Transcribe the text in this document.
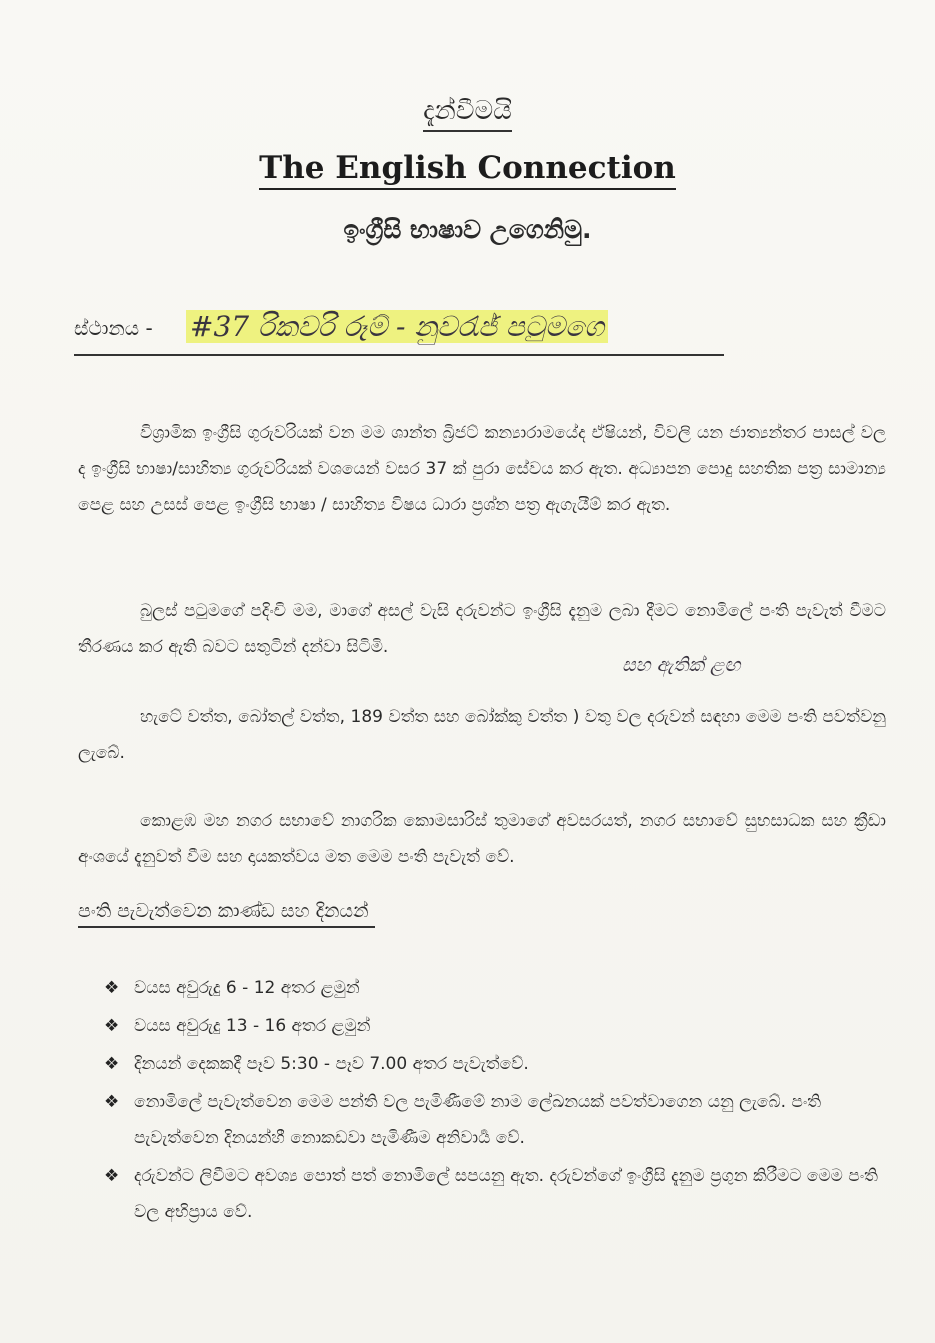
දැන්වීමයි
The English Connection
ඉංග්‍රීසි භාෂාව උගෙනිමු.
ස්ථානය - #37 රිකවරි රූම් - නුවරැජ් පටුමගෙ

විශ්‍රාමික ඉංග්‍රීසි ගුරුවරියක් වන මම ශාන්ත බ්‍රිජට් කන්‍යාරාමයේද ඒෂියන්, විවලි යන ජාත්‍යන්තර පාසල් වල ද ඉංග්‍රීසි භාෂා/සාහිත්‍ය ගුරුවරියක් වශයෙන් වසර 37 ක් පුරා සේවය කර ඇත. අධ්‍යාපන පොදු සහතික පත්‍ර සාමාන්‍ය පෙළ සහ උසස් පෙළ ඉංග්‍රීසි භාෂා / සාහිත්‍ය විෂය ධාරා ප්‍රශ්න පත්‍ර ඇගැයීම් කර ඇත.

බුලස් පටුමගේ පදිංචි මම, මාගේ අසල් වැසි දරුවන්ට ඉංග්‍රීසි දැනුම ලබා දීමට නොමිලේ පංති පැවැත් වීමට තීරණය කර ඇති බවට සතුටින් දන්වා සිටිමි.

සහ ඇතික් ළඟ

හැටේ වත්ත, බෝතල් වත්ත, 189 වත්ත සහ බෝක්කු වත්ත ) වතු වල දරුවන් සඳහා මෙම පංති පවත්වනු ලැබේ.

කොළඹ මහ නගර සභාවේ නාගරික කොමසාරිස් තුමාගේ අවසරයත්, නගර සභාවේ සුභසාධක සහ ක්‍රීඩා අංශයේ දැනුවත් වීම සහ දායකත්වය මත මෙම පංති පැවැත් වේ.

පංති පැවැත්වෙන කාණ්ඩ සහ දිනයන්
❖ වයස අවුරුදු 6 - 12 අතර ළමුන්
❖ වයස අවුරුදු 13 - 16 අතර ළමුන්
❖ දිනයන් දෙකකදී පෑව 5:30 - පෑව 7.00 අතර පැවැත්වේ.
❖ නොමිලේ පැවැත්වෙන මෙම පන්ති වල පැමිණීමේ නාම ලේඛනයක් පවත්වාගෙන යනු ලැබේ. පංති පැවැත්වෙන දිනයන්හී නොකඩවා පැමිණීම අනිවාර්‍ය වේ.
❖ දරුවන්ට ලිවීමට අවශ්‍ය පොත් පත් නොමිලේ සපයනු ඇත. දරුවන්ගේ ඉංග්‍රීසි දැනුම ප්‍රගුන කිරීමට මෙම පංති වල අභිප්‍රාය වේ.
